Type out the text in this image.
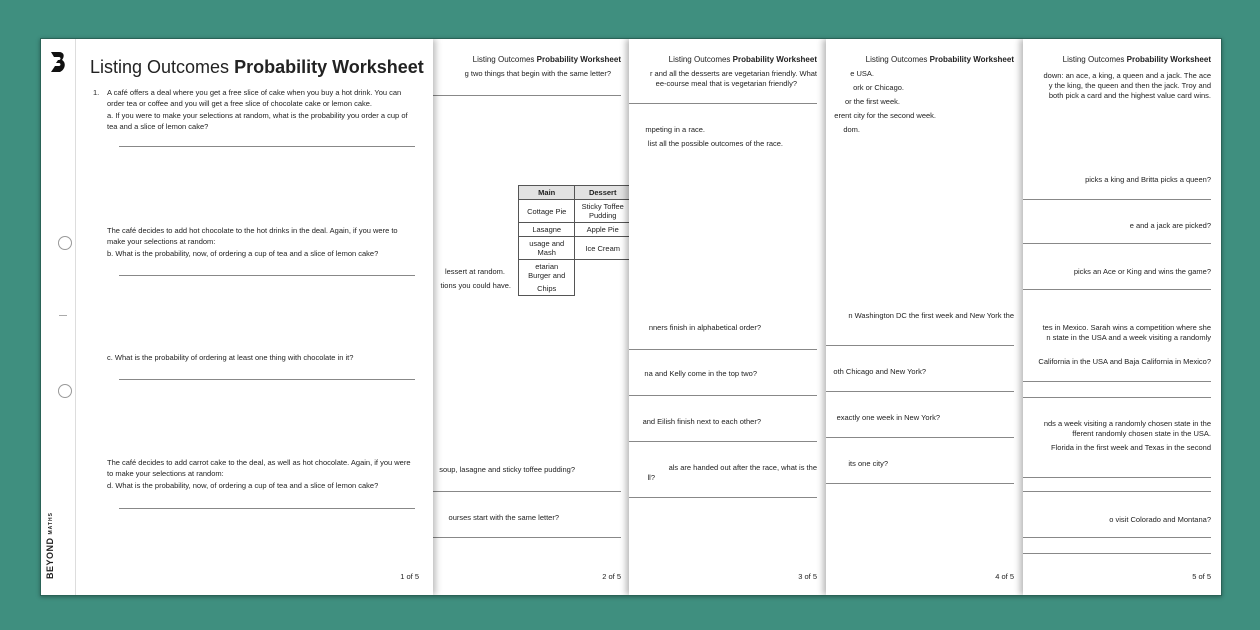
Listing Outcomes Probability Worksheet
down: an ace, a king, a queen and a jack. The ace
y the king, the queen and then the jack. Troy and
both pick a card and the highest value card wins.
picks a king and Britta picks a queen?
e and a jack are picked?
picks an Ace or King and wins the game?
tes in Mexico. Sarah wins a competition where she
n state in the USA and a week visiting a randomly
California in the USA and Baja California in Mexico?
nds a week visiting a randomly chosen state in the
fferent randomly chosen state in the USA.
Florida in the first week and Texas in the second
o visit Colorado and Montana?
5 of 5
Listing Outcomes Probability Worksheet
e USA.
ork or Chicago.
or the first week.
erent city for the second week.
dom.
n Washington DC the first week and New York the
oth Chicago and New York?
exactly one week in New York?
its one city?
4 of 5
Listing Outcomes Probability Worksheet
r and all the desserts are vegetarian friendly. What
ee-course meal that is vegetarian friendly?
mpeting in a race.
list all the possible outcomes of the race.
nners finish in alphabetical order?
na and Kelly come in the top two?
and Eilish finish next to each other?
als are handed out after the race, what is the
ll?
3 of 5
Listing Outcomes Probability Worksheet
g two things that begin with the same letter?
Main	Dessert
Cottage Pie	Sticky Toffee Pudding
Lasagne	Apple Pie
usage and Mash	Ice Cream
etarian Burger and	
Chips	
lessert at random.
tions you could have.
soup, lasagne and sticky toffee pudding?
ourses start with the same letter?
2 of 5
BEYONDMATHS
Listing Outcomes Probability Worksheet
1. A café offers a deal where you get a free slice of cake when you buy a hot drink. You can order tea or coffee and you will get a free slice of chocolate cake or lemon cake.
a. If you were to make your selections at random, what is the probability you order a cup of tea and a slice of lemon cake?
The café decides to add hot chocolate to the hot drinks in the deal. Again, if you were to make your selections at random:
b. What is the probability, now, of ordering a cup of tea and a slice of lemon cake?
c. What is the probability of ordering at least one thing with chocolate in it?
The café decides to add carrot cake to the deal, as well as hot chocolate. Again, if you were to make your selections at random:
d. What is the probability, now, of ordering a cup of tea and a slice of lemon cake?
1 of 5
